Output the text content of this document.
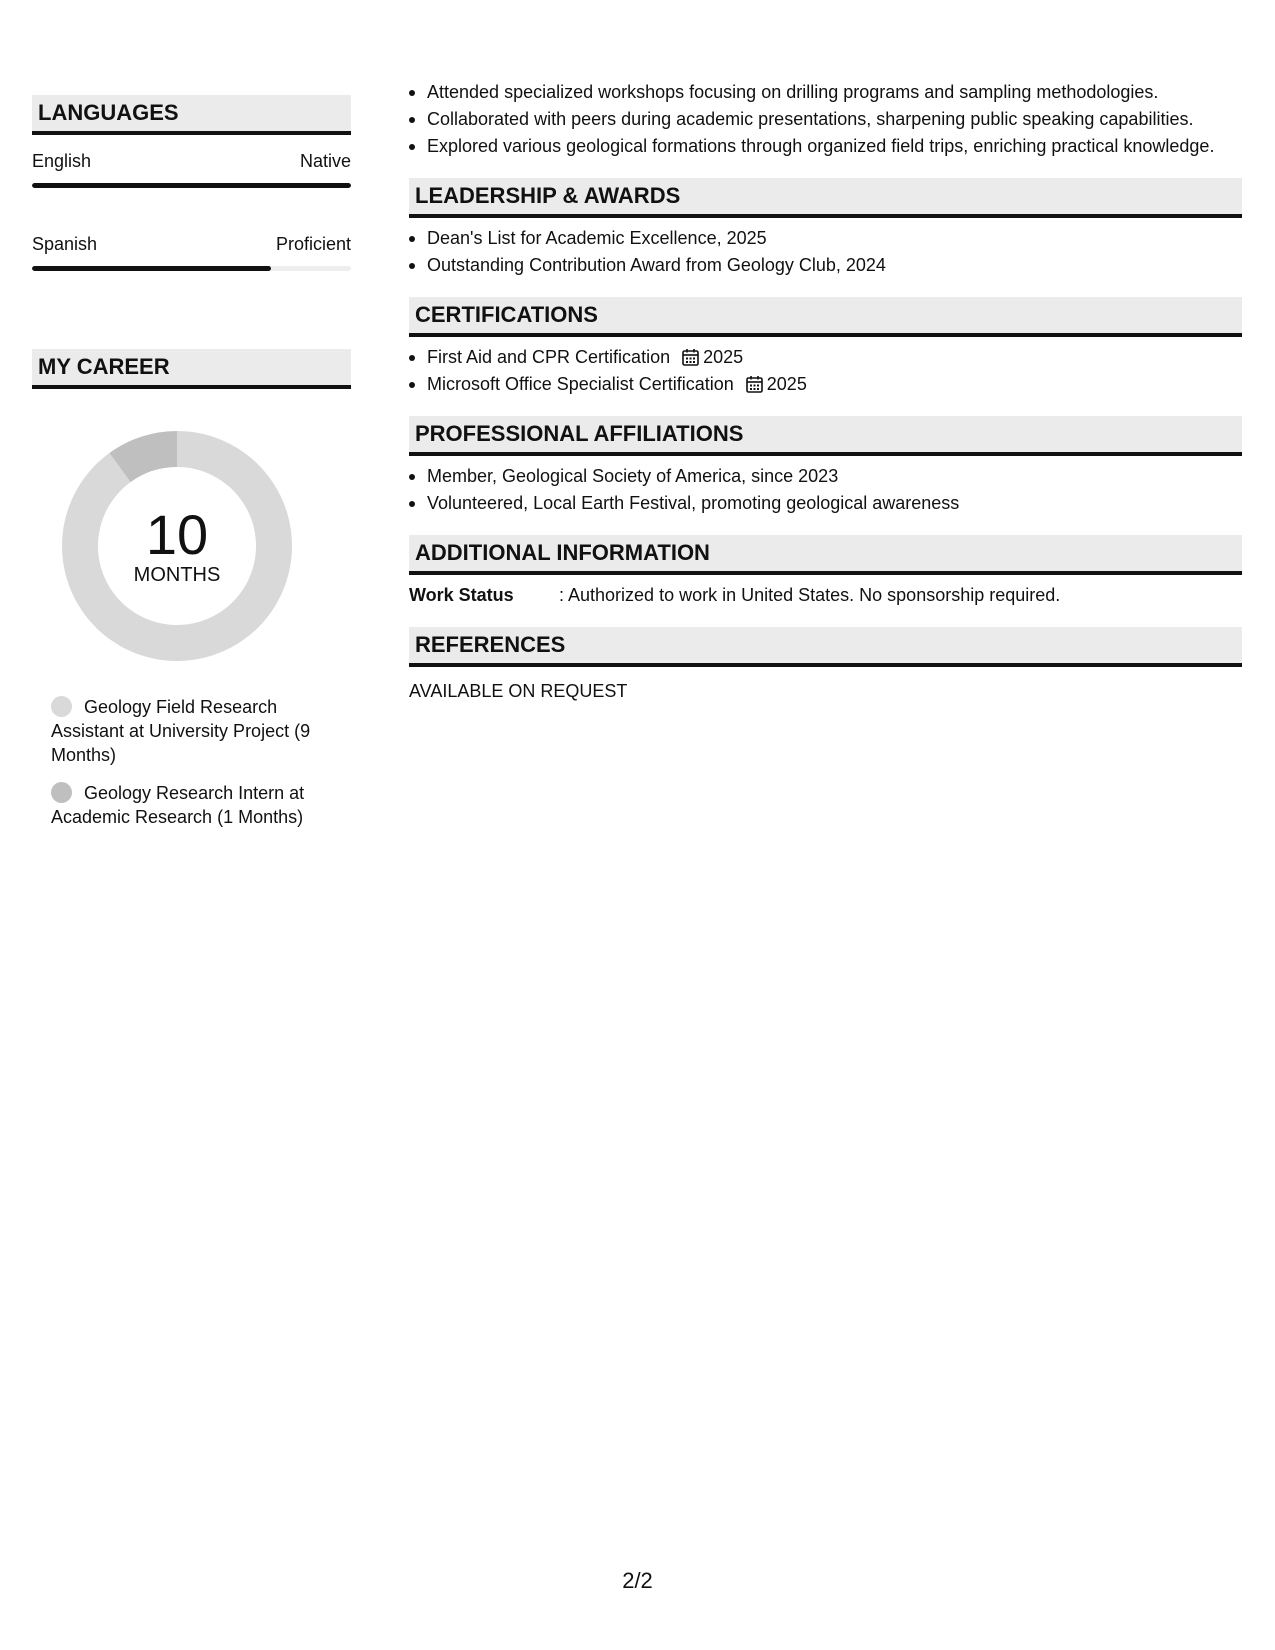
LANGUAGES
English	Native
Spanish	Proficient
MY CAREER
10
MONTHS
Geology Field Research Assistant at University Project (9 Months)
Geology Research Intern at Academic Research (1 Months)
Attended specialized workshops focusing on drilling programs and sampling methodologies.
Collaborated with peers during academic presentations, sharpening public speaking capabilities.
Explored various geological formations through organized field trips, enriching practical knowledge.
LEADERSHIP & AWARDS
Dean's List for Academic Excellence, 2025
Outstanding Contribution Award from Geology Club, 2024
CERTIFICATIONS
First Aid and CPR Certification 2025
Microsoft Office Specialist Certification 2025
PROFESSIONAL AFFILIATIONS
Member, Geological Society of America, since 2023
Volunteered, Local Earth Festival, promoting geological awareness
ADDITIONAL INFORMATION
Work Status	: Authorized to work in United States. No sponsorship required.
REFERENCES
AVAILABLE ON REQUEST
2/2
